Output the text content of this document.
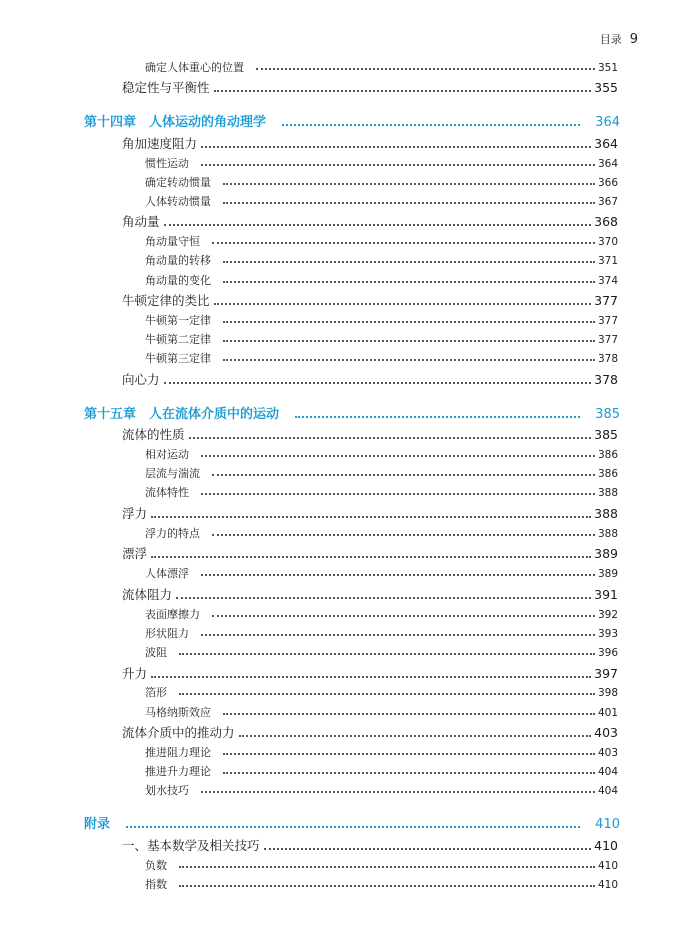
目录 9
确定人体重心的位置	351
稳定性与平衡性	355
第十四章　人体运动的角动理学	364
角加速度阻力	364
惯性运动	364
确定转动惯量	366
人体转动惯量	367
角动量	368
角动量守恒	370
角动量的转移	371
角动量的变化	374
牛顿定律的类比	377
牛顿第一定律	377
牛顿第二定律	377
牛顿第三定律	378
向心力	378
第十五章　人在流体介质中的运动	385
流体的性质	385
相对运动	386
层流与湍流	386
流体特性	388
浮力	388
浮力的特点	388
漂浮	389
人体漂浮	389
流体阻力	391
表面摩擦力	392
形状阻力	393
波阻	396
升力	397
箔形	398
马格纳斯效应	401
流体介质中的推动力	403
推进阻力理论	403
推进升力理论	404
划水技巧	404
附录	410
一、基本数学及相关技巧	410
负数	410
指数	410
